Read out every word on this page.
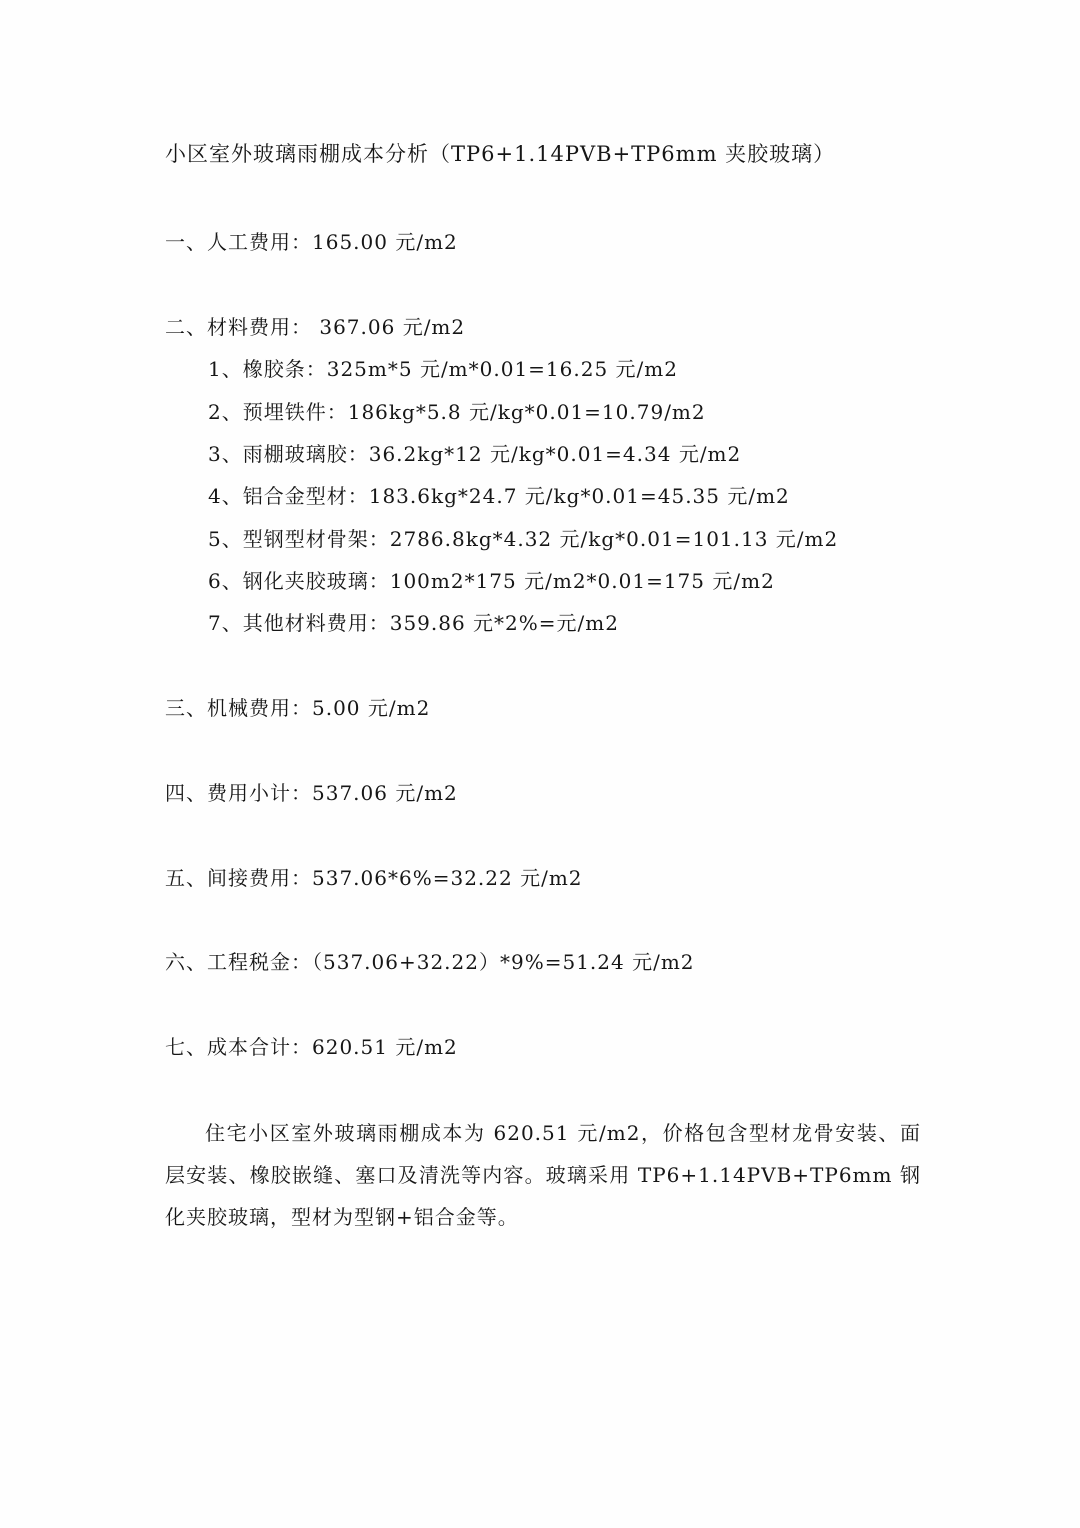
小区室外玻璃雨棚成本分析（TP6+1.14PVB+TP6mm 夹胶玻璃）
一、人工费用：165.00 元/m2
二、材料费用： 367.06 元/m2
1、橡胶条：325m*5 元/m*0.01=16.25 元/m2
2、预埋铁件：186kg*5.8 元/kg*0.01=10.79/m2
3、雨棚玻璃胶：36.2kg*12 元/kg*0.01=4.34 元/m2
4、铝合金型材：183.6kg*24.7 元/kg*0.01=45.35 元/m2
5、型钢型材骨架：2786.8kg*4.32 元/kg*0.01=101.13 元/m2
6、钢化夹胶玻璃：100m2*175 元/m2*0.01=175 元/m2
7、其他材料费用：359.86 元*2%=元/m2
三、机械费用：5.00 元/m2
四、费用小计：537.06 元/m2
五、间接费用：537.06*6%=32.22 元/m2
六、工程税金：（537.06+32.22）*9%=51.24 元/m2
七、成本合计：620.51 元/m2
住宅小区室外玻璃雨棚成本为 620.51 元/m2，价格包含型材龙骨安装、面层安装、橡胶嵌缝、塞口及清洗等内容。玻璃采用 TP6+1.14PVB+TP6mm 钢化夹胶玻璃，型材为型钢+铝合金等。
